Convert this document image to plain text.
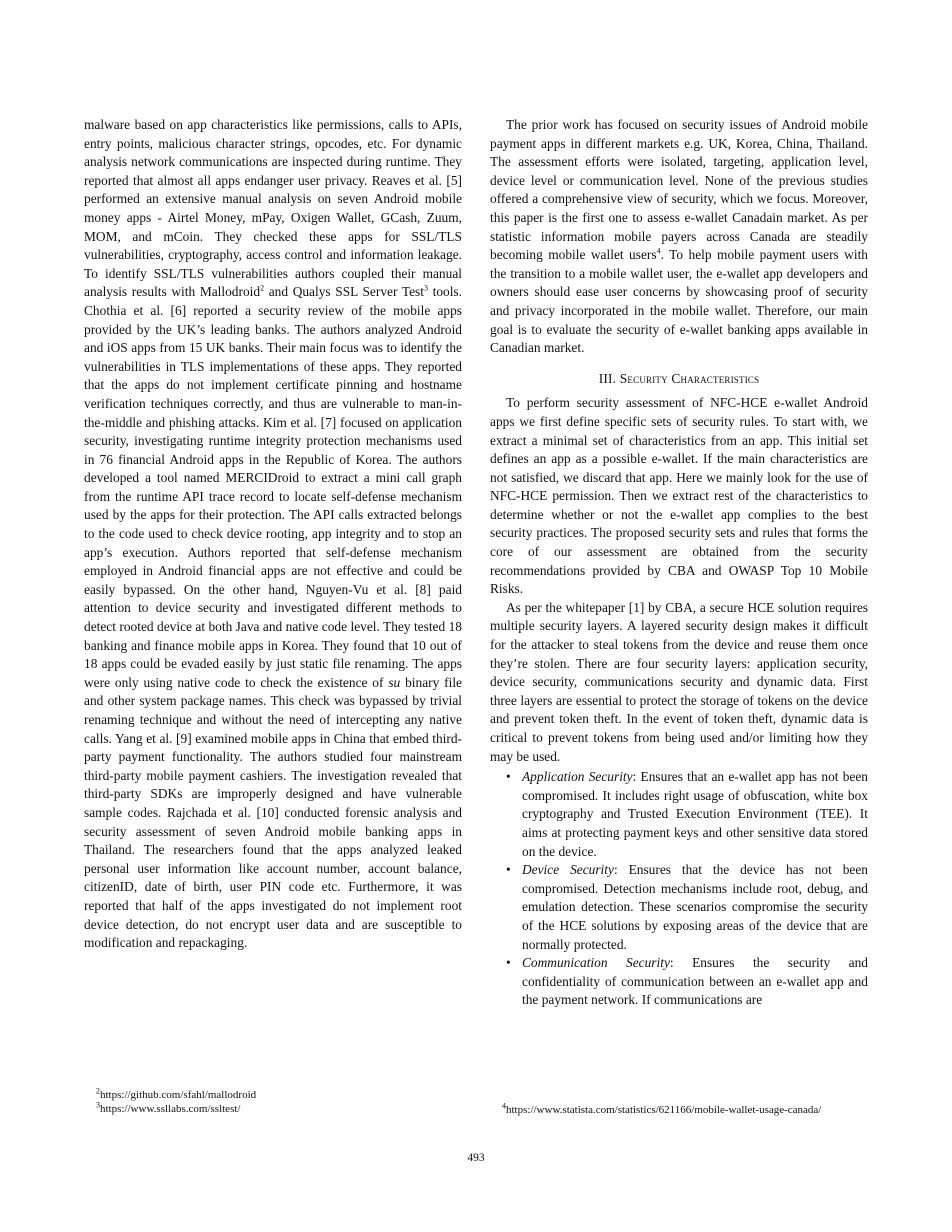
malware based on app characteristics like permissions, calls to APIs, entry points, malicious character strings, opcodes, etc. For dynamic analysis network communications are inspected during runtime. They reported that almost all apps endanger user privacy. Reaves et al. [5] performed an extensive manual analysis on seven Android mobile money apps - Airtel Money, mPay, Oxigen Wallet, GCash, Zuum, MOM, and mCoin. They checked these apps for SSL/TLS vulnerabilities, cryptography, access control and information leakage. To identify SSL/TLS vulnerabilities authors coupled their manual analysis results with Mallodroid$^2$ and Qualys SSL Server Test$^3$ tools. Chothia et al. [6] reported a security review of the mobile apps provided by the UK’s leading banks. The authors analyzed Android and iOS apps from 15 UK banks. Their main focus was to identify the vulnerabilities in TLS implementations of these apps. They reported that the apps do not implement certificate pinning and hostname verification techniques correctly, and thus are vulnerable to man-in-the-middle and phishing attacks. Kim et al. [7] focused on application security, investigating runtime integrity protection mechanisms used in 76 financial Android apps in the Republic of Korea. The authors developed a tool named MERCIDroid to extract a mini call graph from the runtime API trace record to locate self-defense mechanism used by the apps for their protection. The API calls extracted belongs to the code used to check device rooting, app integrity and to stop an app’s execution. Authors reported that self-defense mechanism employed in Android financial apps are not effective and could be easily bypassed. On the other hand, Nguyen-Vu et al. [8] paid attention to device security and investigated different methods to detect rooted device at both Java and native code level. They tested 18 banking and finance mobile apps in Korea. They found that 10 out of 18 apps could be evaded easily by just static file renaming. The apps were only using native code to check the existence of su binary file and other system package names. This check was bypassed by trivial renaming technique and without the need of intercepting any native calls. Yang et al. [9] examined mobile apps in China that embed third-party payment functionality. The authors studied four mainstream third-party mobile payment cashiers. The investigation revealed that third-party SDKs are improperly designed and have vulnerable sample codes. Rajchada et al. [10] conducted forensic analysis and security assessment of seven Android mobile banking apps in Thailand. The researchers found that the apps analyzed leaked personal user information like account number, account balance, citizenID, date of birth, user PIN code etc. Furthermore, it was reported that half of the apps investigated do not implement root device detection, do not encrypt user data and are susceptible to modification and repackaging.

The prior work has focused on security issues of Android mobile payment apps in different markets e.g. UK, Korea, China, Thailand. The assessment efforts were isolated, targeting, application level, device level or communication level. None of the previous studies offered a comprehensive view of security, which we focus. Moreover, this paper is the first one to assess e-wallet Canadain market. As per statistic information mobile payers across Canada are steadily becoming mobile wallet users$^4$. To help mobile payment users with the transition to a mobile wallet user, the e-wallet app developers and owners should ease user concerns by showcasing proof of security and privacy incorporated in the mobile wallet. Therefore, our main goal is to evaluate the security of e-wallet banking apps available in Canadian market.

III. Security Characteristics

To perform security assessment of NFC-HCE e-wallet Android apps we first define specific sets of security rules. To start with, we extract a minimal set of characteristics from an app. This initial set defines an app as a possible e-wallet. If the main characteristics are not satisfied, we discard that app. Here we mainly look for the use of NFC-HCE permission. Then we extract rest of the characteristics to determine whether or not the e-wallet app complies to the best security practices. The proposed security sets and rules that forms the core of our assessment are obtained from the security recommendations provided by CBA and OWASP Top 10 Mobile Risks.

As per the whitepaper [1] by CBA, a secure HCE solution requires multiple security layers. A layered security design makes it difficult for the attacker to steal tokens from the device and reuse them once they’re stolen. There are four security layers: application security, device security, communications security and dynamic data. First three layers are essential to protect the storage of tokens on the device and prevent token theft. In the event of token theft, dynamic data is critical to prevent tokens from being used and/or limiting how they may be used.

• Application Security: Ensures that an e-wallet app has not been compromised. It includes right usage of obfuscation, white box cryptography and Trusted Execution Environment (TEE). It aims at protecting payment keys and other sensitive data stored on the device.
• Device Security: Ensures that the device has not been compromised. Detection mechanisms include root, debug, and emulation detection. These scenarios compromise the security of the HCE solutions by exposing areas of the device that are normally protected.
• Communication Security: Ensures the security and confidentiality of communication between an e-wallet app and the payment network. If communications are
$^2$https://github.com/sfahl/mallodroid
$^3$https://www.ssllabs.com/ssltest/	$^4$https://www.statista.com/statistics/621166/mobile-wallet-usage-canada/
493
